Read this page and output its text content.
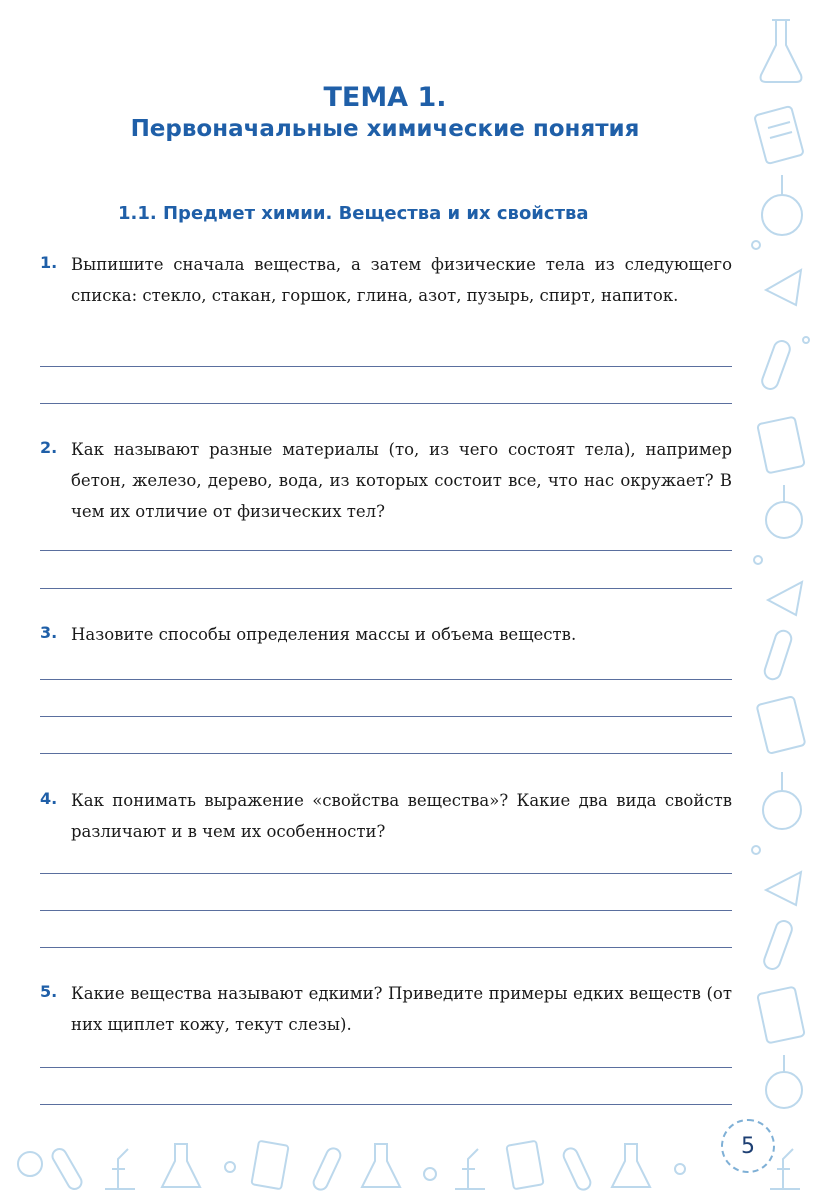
ТЕМА 1.
Первоначальные химические понятия
1.1. Предмет химии. Вещества и их свойства
1. Выпишите сначала вещества, а затем физические тела из следующего списка: стекло, стакан, горшок, глина, азот, пузырь, спирт, напиток.
2. Как называют разные материалы (то, из чего состоят тела), например бетон, железо, дерево, вода, из которых состоит все, что нас окружает? В чем их отличие от физических тел?
3. Назовите способы определения массы и объема веществ.
4. Как понимать выражение «свойства вещества»? Какие два вида свойств различают и в чем их особенности?
5. Какие вещества называют едкими? Приведите примеры едких веществ (от них щиплет кожу, текут слезы).
5
